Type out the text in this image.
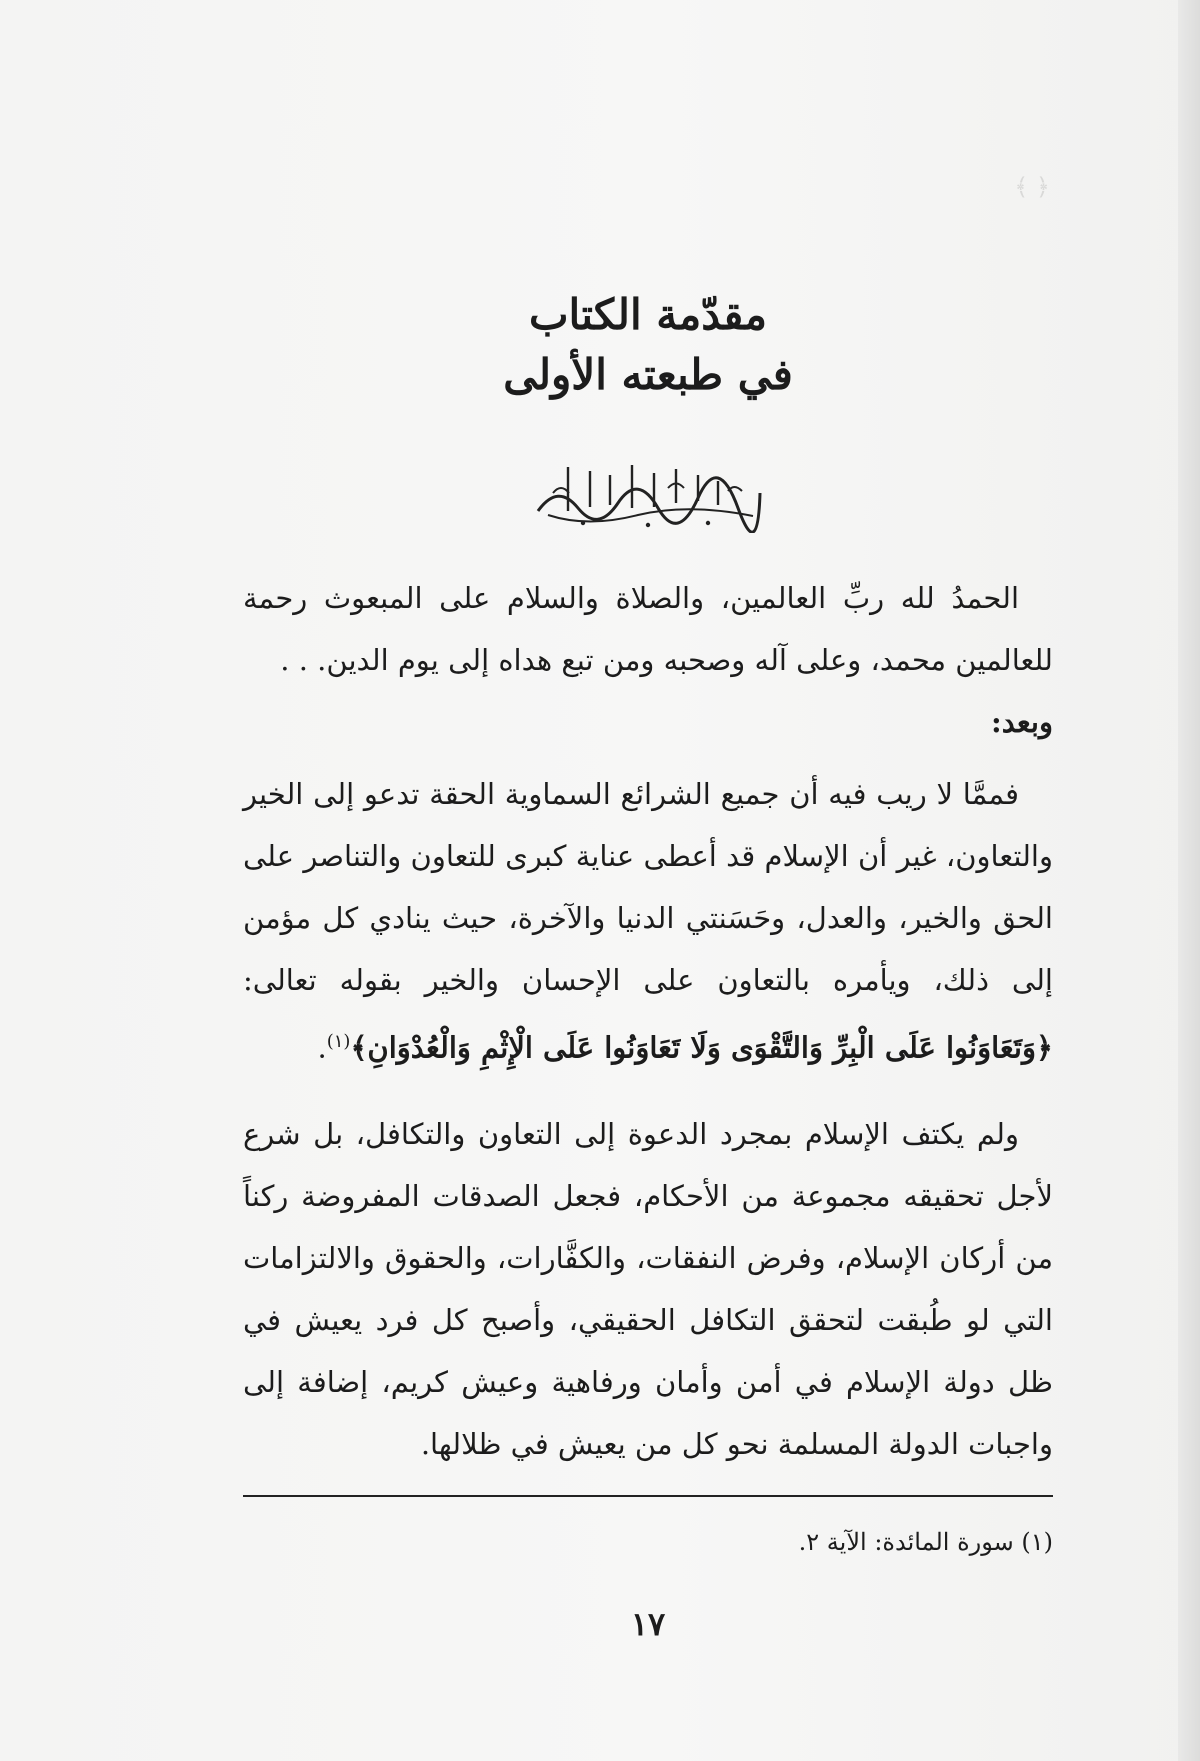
﴿ ﴾ ‏ ‏ ‏ ‏ ‏ ‏ ‏ ‏ ‏ ‏ ‏ ‏ ‏ ‏ ‏ ‏ ‏ ‏ ‏ ‏ ‏ ‏ ‏ ‏ ‏ ‏ ‏ ‏ ‏ ‏ ‏ ‏ ‏
مقدّمة الكتاب
في طبعته الأولى

الحمدُ لله ربِّ العالمين، والصلاة والسلام على المبعوث رحمة للعالمين محمد، وعلى آله وصحبه ومن تبع هداه إلى يوم الدين. . .

وبعد:

فممَّا لا ريب فيه أن جميع الشرائع السماوية الحقة تدعو إلى الخير والتعاون، غير أن الإسلام قد أعطى عناية كبرى للتعاون والتناصر على الحق والخير، والعدل، وحَسَنتي الدنيا والآخرة، حيث ينادي كل مؤمن إلى ذلك، ويأمره بالتعاون على الإحسان والخير بقوله تعالى: ﴿وَتَعَاوَنُوا عَلَى الْبِرِّ وَالتَّقْوَى وَلَا تَعَاوَنُوا عَلَى الْإِثْمِ وَالْعُدْوَانِ﴾$^{(١)}$.

ولم يكتف الإسلام بمجرد الدعوة إلى التعاون والتكافل، بل شرع لأجل تحقيقه مجموعة من الأحكام، فجعل الصدقات المفروضة ركناً من أركان الإسلام، وفرض النفقات، والكفَّارات، والحقوق والالتزامات التي لو طُبقت لتحقق التكافل الحقيقي، وأصبح كل فرد يعيش في ظل دولة الإسلام في أمن وأمان ورفاهية وعيش كريم، إضافة إلى واجبات الدولة المسلمة نحو كل من يعيش في ظلالها.

(١) سورة المائدة: الآية ٢.
١٧
